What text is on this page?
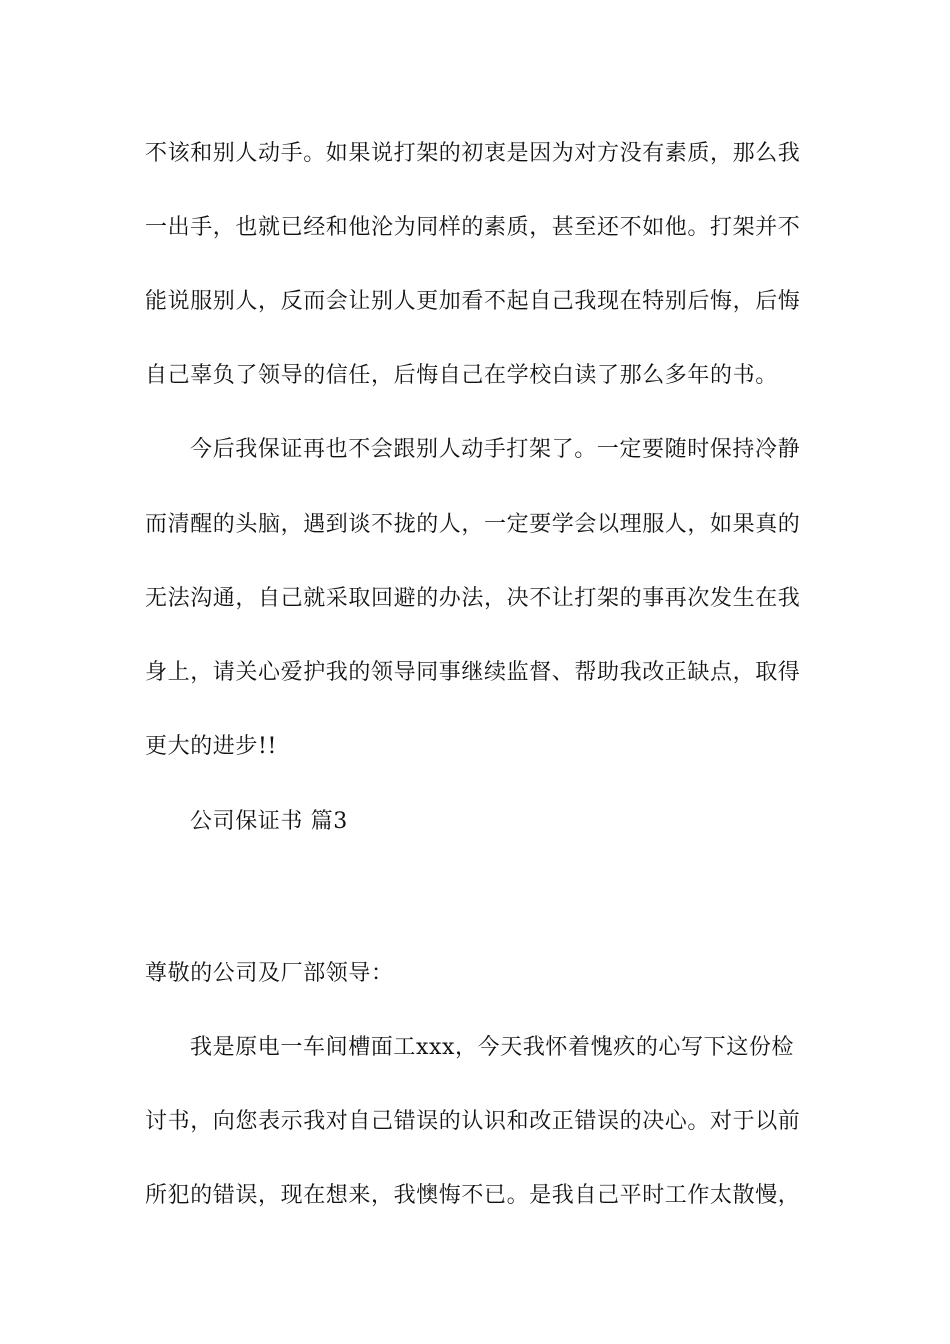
不该和别人动手。如果说打架的初衷是因为对方没有素质，那么我
一出手，也就已经和他沦为同样的素质，甚至还不如他。打架并不
能说服别人，反而会让别人更加看不起自己我现在特别后悔，后悔
自己辜负了领导的信任，后悔自己在学校白读了那么多年的书。
今后我保证再也不会跟别人动手打架了。一定要随时保持冷静
而清醒的头脑，遇到谈不拢的人，一定要学会以理服人，如果真的
无法沟通，自己就采取回避的办法，决不让打架的事再次发生在我
身上，请关心爱护我的领导同事继续监督、帮助我改正缺点，取得
更大的进步!!
公司保证书 篇3
尊敬的公司及厂部领导：
我是原电一车间槽面工xxx，今天我怀着愧疚的心写下这份检
讨书，向您表示我对自己错误的认识和改正错误的决心。对于以前
所犯的错误，现在想来，我懊悔不已。是我自己平时工作太散慢，
